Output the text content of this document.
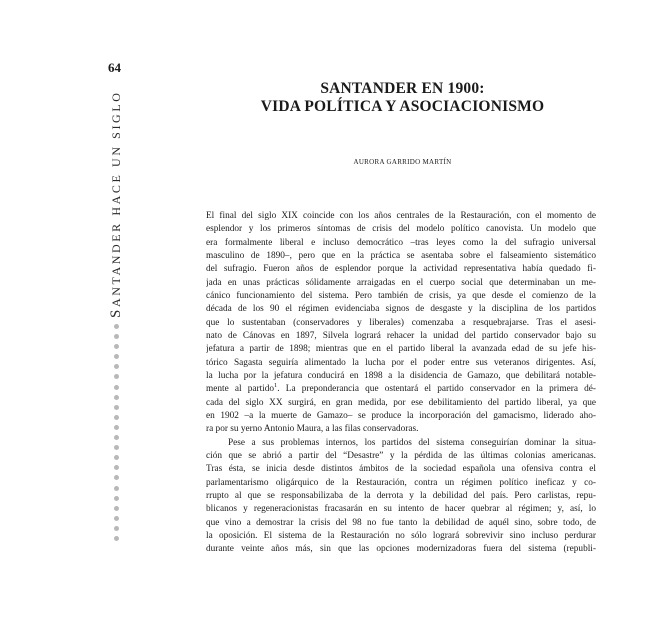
64
SANTANDER HACE UN SIGLO
SANTANDER EN 1900:
VIDA POLÍTICA Y ASOCIACIONISMO
AURORA GARRIDO MARTÍN
El final del siglo XIX coincide con los años centrales de la Restauración, con el momento de
esplendor y los primeros síntomas de crisis del modelo político canovista. Un modelo que
era formalmente liberal e incluso democrático –tras leyes como la del sufragio universal
masculino de 1890–, pero que en la práctica se asentaba sobre el falseamiento sistemático
del sufragio. Fueron años de esplendor porque la actividad representativa había quedado fi-
jada en unas prácticas sólidamente arraigadas en el cuerpo social que determinaban un me-
cánico funcionamiento del sistema. Pero también de crisis, ya que desde el comienzo de la
década de los 90 el régimen evidenciaba signos de desgaste y la disciplina de los partidos
que lo sustentaban (conservadores y liberales) comenzaba a resquebrajarse. Tras el asesi-
nato de Cánovas en 1897, Silvela logrará rehacer la unidad del partido conservador bajo su
jefatura a partir de 1898; mientras que en el partido liberal la avanzada edad de su jefe his-
tórico Sagasta seguiría alimentado la lucha por el poder entre sus veteranos dirigentes. Así,
la lucha por la jefatura conducirá en 1898 a la disidencia de Gamazo, que debilitará notable-
mente al partido$^1$. La preponderancia que ostentará el partido conservador en la primera dé-
cada del siglo XX surgirá, en gran medida, por ese debilitamiento del partido liberal, ya que
en 1902 –a la muerte de Gamazo– se produce la incorporación del gamacismo, liderado aho-
ra por su yerno Antonio Maura, a las filas conservadoras.
Pese a sus problemas internos, los partidos del sistema conseguirían dominar la situa-
ción que se abrió a partir del “Desastre” y la pérdida de las últimas colonias americanas.
Tras ésta, se inicia desde distintos ámbitos de la sociedad española una ofensiva contra el
parlamentarismo oligárquico de la Restauración, contra un régimen político ineficaz y co-
rrupto al que se responsabilizaba de la derrota y la debilidad del país. Pero carlistas, repu-
blicanos y regeneracionistas fracasarán en su intento de hacer quebrar al régimen; y, así, lo
que vino a demostrar la crisis del 98 no fue tanto la debilidad de aquél sino, sobre todo, de
la oposición. El sistema de la Restauración no sólo logrará sobrevivir sino incluso perdurar
durante veinte años más, sin que las opciones modernizadoras fuera del sistema (republi-
